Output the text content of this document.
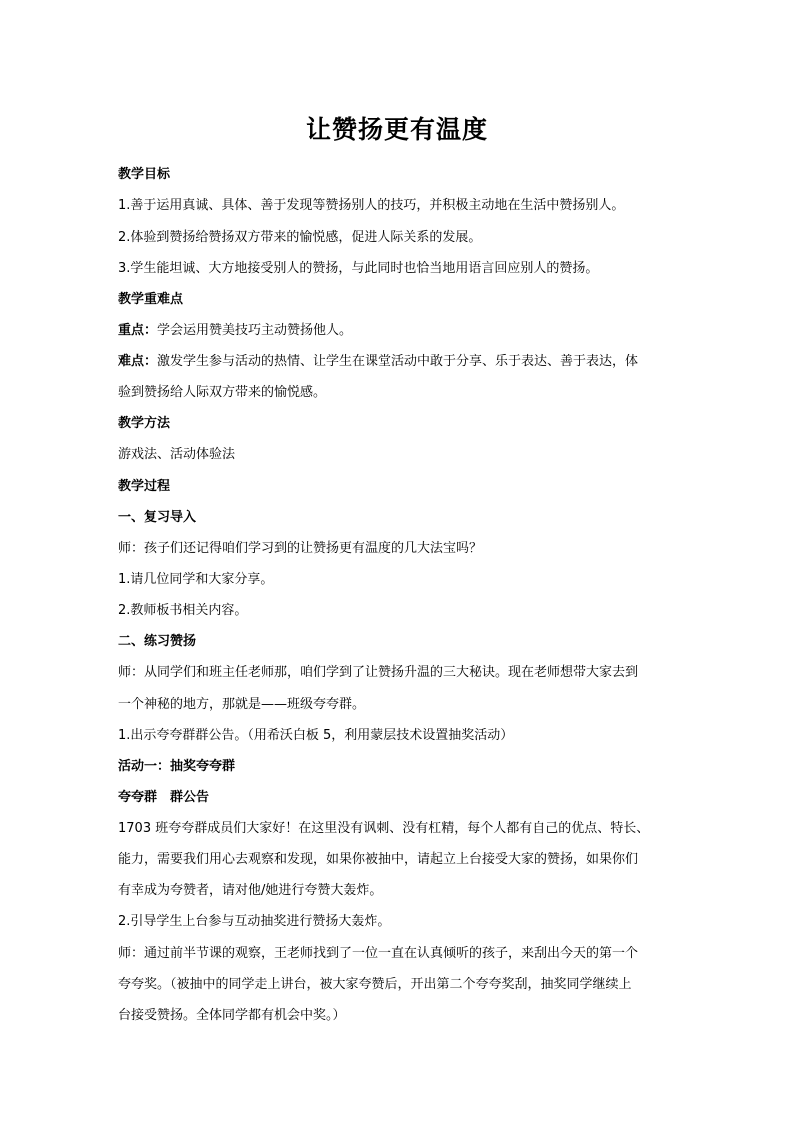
让赞扬更有温度
教学目标
1.善于运用真诚、具体、善于发现等赞扬别人的技巧，并积极主动地在生活中赞扬别人。
2.体验到赞扬给赞扬双方带来的愉悦感，促进人际关系的发展。
3.学生能坦诚、大方地接受别人的赞扬，与此同时也恰当地用语言回应别人的赞扬。
教学重难点
重点：学会运用赞美技巧主动赞扬他人。
难点：激发学生参与活动的热情、让学生在课堂活动中敢于分享、乐于表达、善于表达，体
验到赞扬给人际双方带来的愉悦感。
教学方法
游戏法、活动体验法
教学过程
一、复习导入
师：孩子们还记得咱们学习到的让赞扬更有温度的几大法宝吗？
1.请几位同学和大家分享。
2.教师板书相关内容。
二、练习赞扬
师：从同学们和班主任老师那，咱们学到了让赞扬升温的三大秘诀。现在老师想带大家去到
一个神秘的地方，那就是——班级夸夸群。
1.出示夸夸群群公告。（用希沃白板 5，利用蒙层技术设置抽奖活动）
活动一：抽奖夸夸群
夸夸群　群公告
1703 班夸夸群成员们大家好！在这里没有讽刺、没有杠精，每个人都有自己的优点、特长、
能力，需要我们用心去观察和发现，如果你被抽中，请起立上台接受大家的赞扬，如果你们
有幸成为夸赞者，请对他/她进行夸赞大轰炸。
2.引导学生上台参与互动抽奖进行赞扬大轰炸。
师：通过前半节课的观察，王老师找到了一位一直在认真倾听的孩子，来刮出今天的第一个
夸夸奖。（被抽中的同学走上讲台，被大家夸赞后，开出第二个夸夸奖刮，抽奖同学继续上
台接受赞扬。全体同学都有机会中奖。）
